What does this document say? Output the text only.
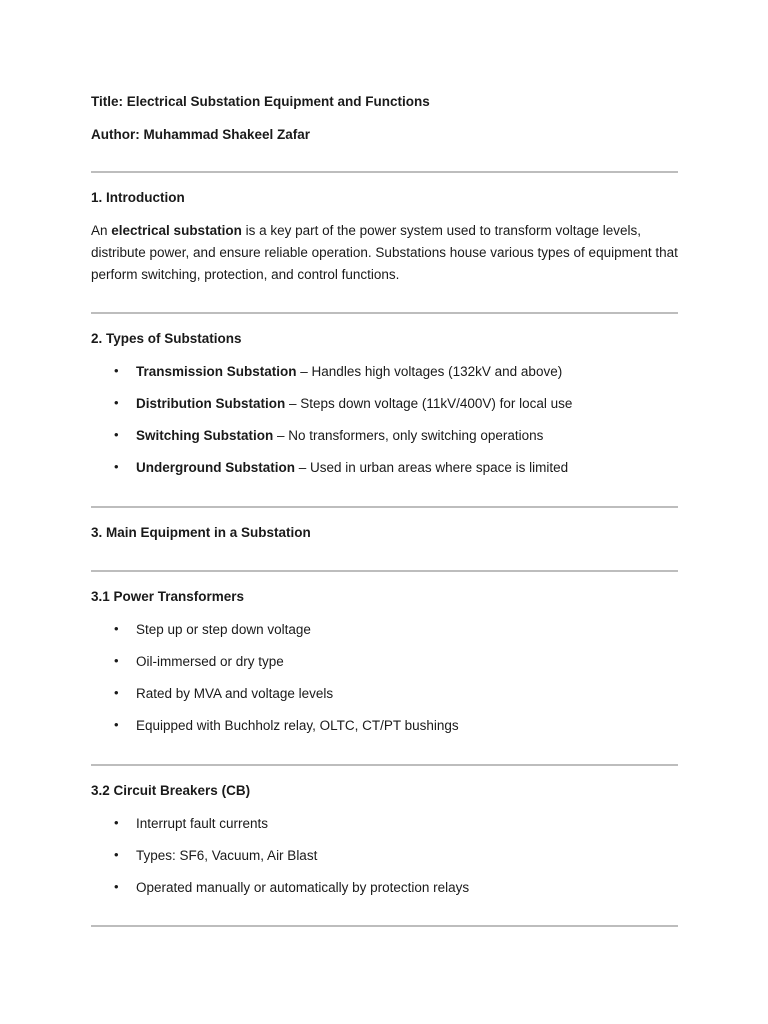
Title: Electrical Substation Equipment and Functions
Author: Muhammad Shakeel Zafar
1. Introduction
An electrical substation is a key part of the power system used to transform voltage levels, distribute power, and ensure reliable operation. Substations house various types of equipment that perform switching, protection, and control functions.
2. Types of Substations
• Transmission Substation – Handles high voltages (132kV and above)
• Distribution Substation – Steps down voltage (11kV/400V) for local use
• Switching Substation – No transformers, only switching operations
• Underground Substation – Used in urban areas where space is limited
3. Main Equipment in a Substation
3.1 Power Transformers
• Step up or step down voltage
• Oil-immersed or dry type
• Rated by MVA and voltage levels
• Equipped with Buchholz relay, OLTC, CT/PT bushings
3.2 Circuit Breakers (CB)
• Interrupt fault currents
• Types: SF6, Vacuum, Air Blast
• Operated manually or automatically by protection relays
